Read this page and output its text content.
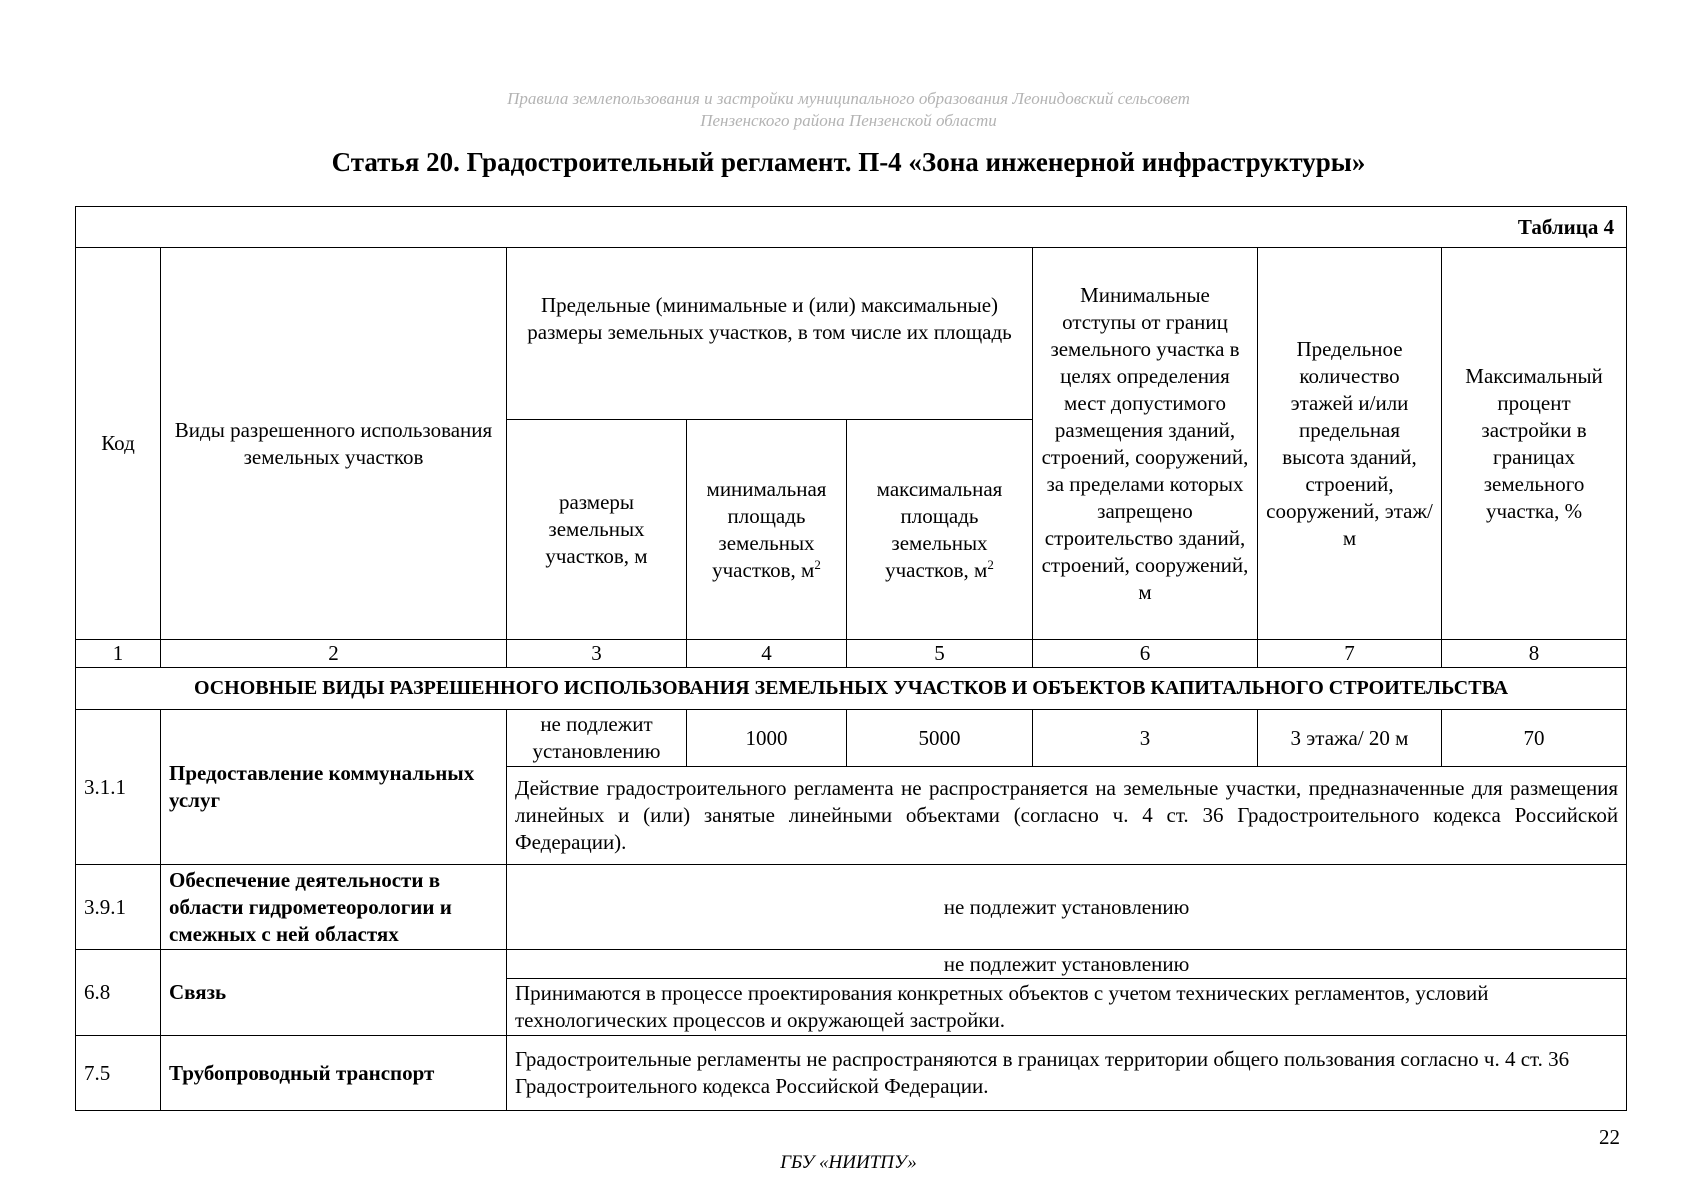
Правила землепользования и застройки муниципального образования Леонидовский сельсовет
Пензенского района Пензенской области
Статья 20. Градостроительный регламент. П-4 «Зона инженерной инфраструктуры»
Таблица 4							
Код	Виды разрешенного использования земельных участков	Предельные (минимальные и (или) максимальные) размеры земельных участков, в том числе их площадь			Минимальные отступы от границ земельного участка в целях определения мест допустимого размещения зданий, строений, сооружений, за пределами которых запрещено строительство зданий, строений, сооружений, м	Предельное количество этажей и/или предельная высота зданий, строений, сооружений, этаж/м	Максимальный процент застройки в границах земельного участка, %
		размеры земельных участков, м	минимальная площадь земельных участков, $м^2$	максимальная площадь земельных участков, $м^2$
1	2	3	4	5	6	7	8
ОСНОВНЫЕ ВИДЫ РАЗРЕШЕННОГО ИСПОЛЬЗОВАНИЯ ЗЕМЕЛЬНЫХ УЧАСТКОВ И ОБЪЕКТОВ КАПИТАЛЬНОГО СТРОИТЕЛЬСТВА							
3.1.1	Предоставление коммунальных услуг	не подлежит установлению	1000	5000	3	3 этажа/ 20 м	70
		Действие градостроительного регламента не распространяется на земельные участки, предназначенные для размещения линейных и (или) занятые линейными объектами (согласно ч. 4 ст. 36 Градостроительного кодекса Российской Федерации).					
3.9.1	Обеспечение деятельности в области гидрометеорологии и смежных с ней областях	не подлежит установлению					
6.8	Связь	не подлежит установлению					
		Принимаются в процессе проектирования конкретных объектов с учетом технических регламентов, условий технологических процессов и окружающей застройки.					
7.5	Трубопроводный транспорт	Градостроительные регламенты не распространяются в границах территории общего пользования согласно ч. 4 ст. 36 Градостроительного кодекса Российской Федерации.					
22
ГБУ «НИИТПУ»
